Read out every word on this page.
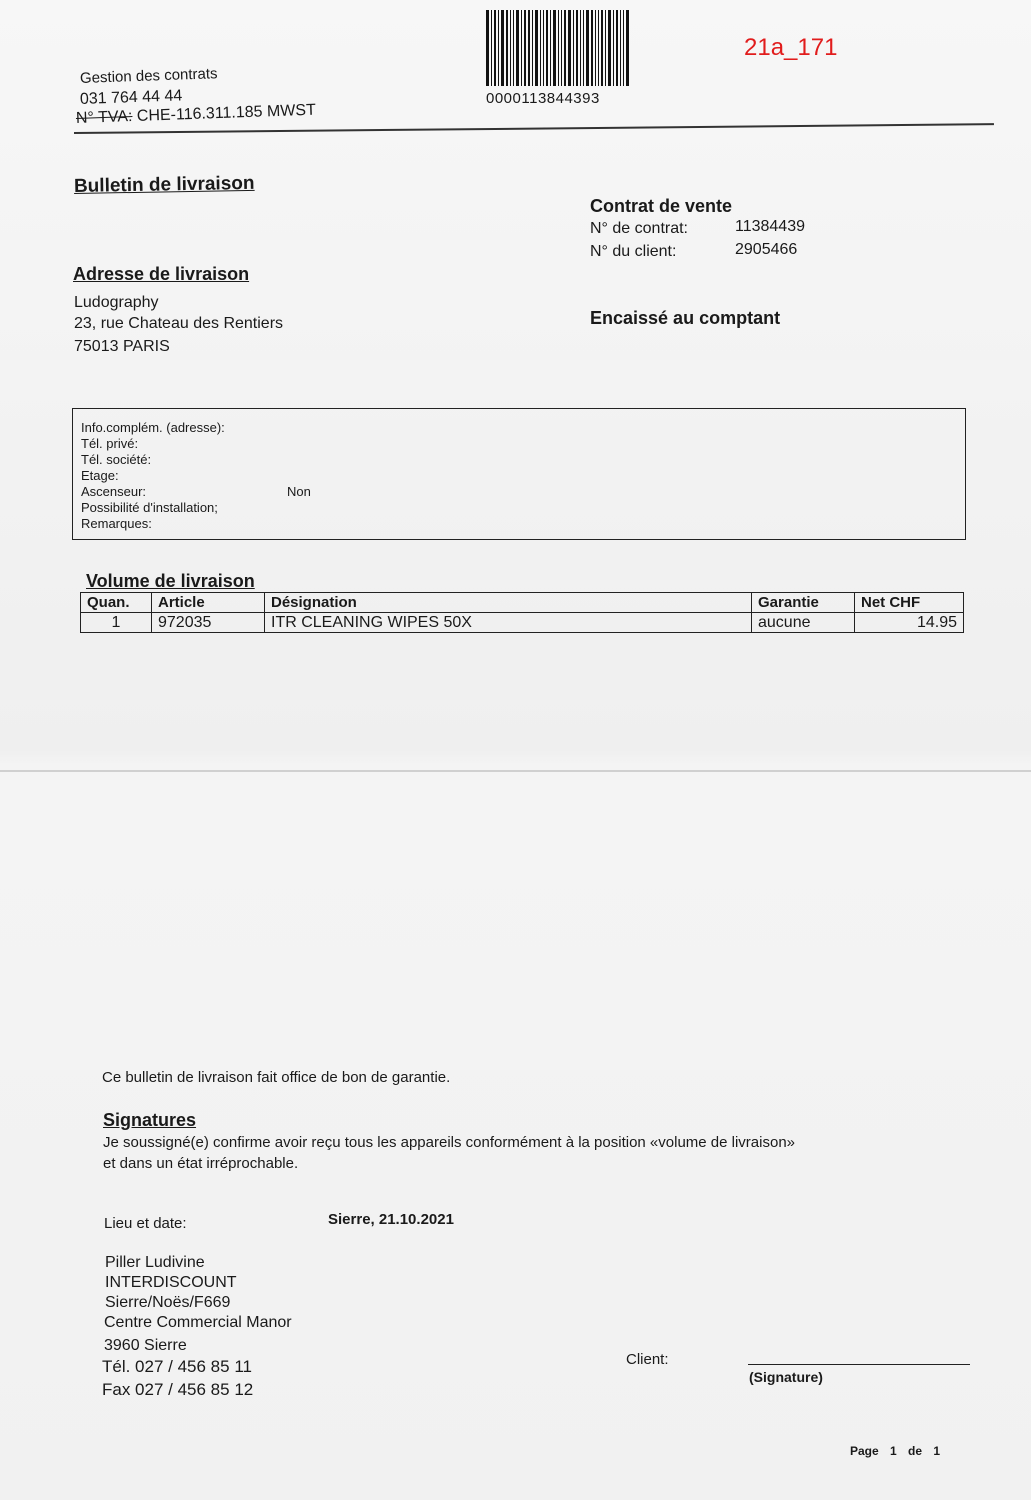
21a_171
0000113844393
Gestion des contrats
031 764 44 44
N° TVA: CHE-116.311.185 MWST
Bulletin de livraison
Contrat de vente
N° de contrat:	11384439
N° du client:	2905466
Encaissé au comptant
Adresse de livraison
Ludography
23, rue Chateau des Rentiers
75013 PARIS
Info.complém. (adresse):
Tél. privé:
Tél. société:
Etage:
Ascenseur:	Non
Possibilité d'installation;
Remarques:
Volume de livraison
Quan.	Article	Désignation	Garantie	Net CHF
1	972035	ITR CLEANING WIPES 50X	aucune	14.95
Ce bulletin de livraison fait office de bon de garantie.
Signatures
Je soussigné(e) confirme avoir reçu tous les appareils conformément à la position «volume de livraison»
et dans un état irréprochable.
Lieu et date:	Sierre, 21.10.2021
Piller Ludivine
INTERDISCOUNT
Sierre/Noës/F669
Centre Commercial Manor
3960 Sierre
Tél. 027 / 456 85 11
Fax 027 / 456 85 12
Client:
(Signature)
Page 1 de 1
